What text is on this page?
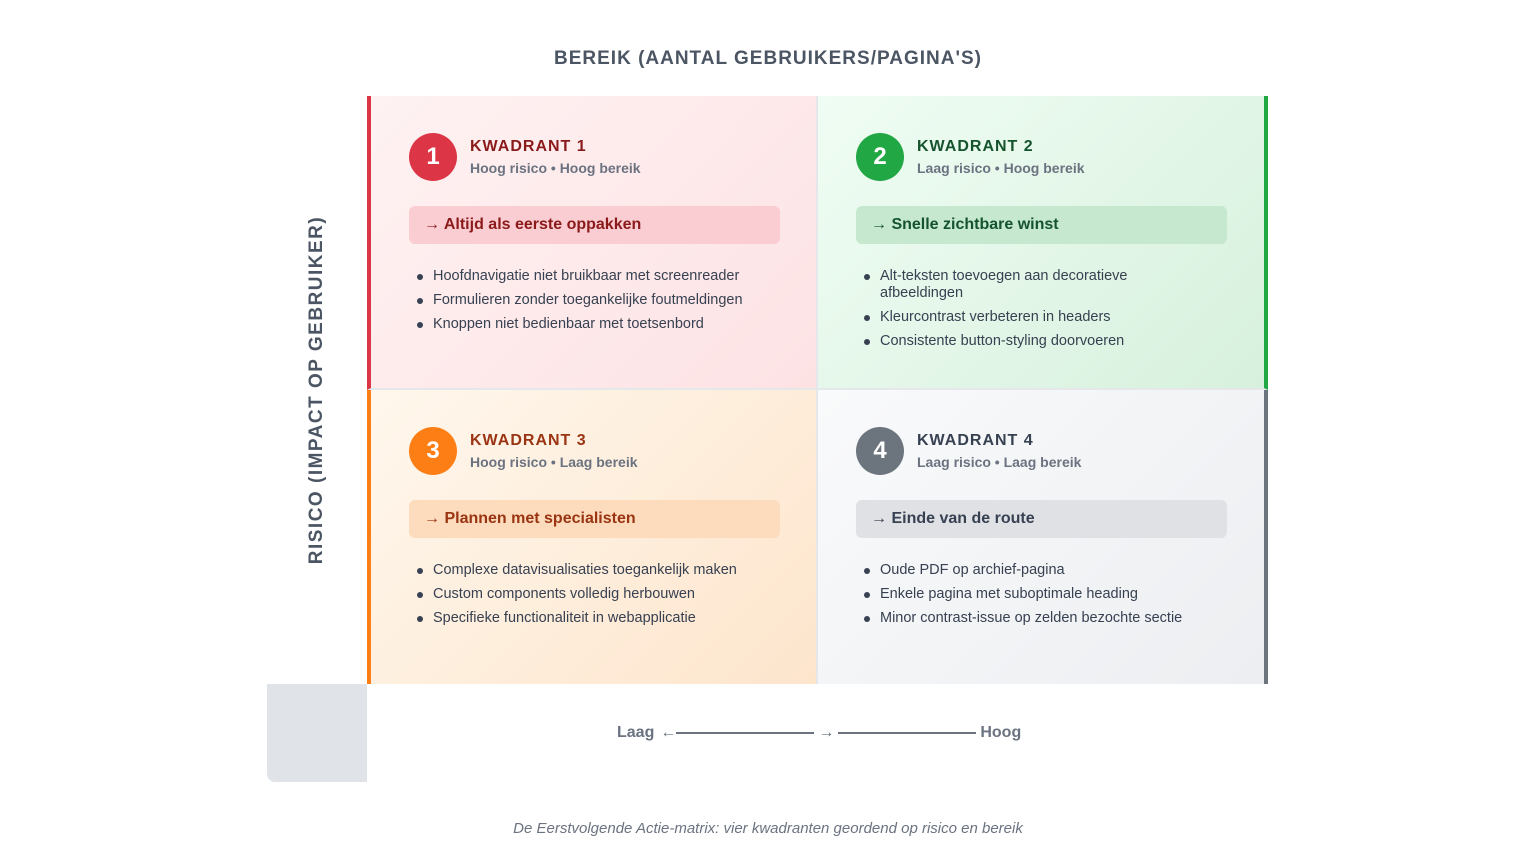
BEREIK (AANTAL GEBRUIKERS/PAGINA'S)
RISICO (IMPACT OP GEBRUIKER)
1	KWADRANT 1
Hoog risico • Hoog bereik
→ Altijd als eerste oppakken
Hoofdnavigatie niet bruikbaar met screenreader
Formulieren zonder toegankelijke foutmeldingen
Knoppen niet bedienbaar met toetsenbord
2	KWADRANT 2
Laag risico • Hoog bereik
→ Snelle zichtbare winst
Alt-teksten toevoegen aan decoratieve afbeeldingen
Kleurcontrast verbeteren in headers
Consistente button-styling doorvoeren
3	KWADRANT 3
Hoog risico • Laag bereik
→ Plannen met specialisten
Complexe datavisualisaties toegankelijk maken
Custom components volledig herbouwen
Specifieke functionaliteit in webapplicatie
4	KWADRANT 4
Laag risico • Laag bereik
→ Einde van de route
Oude PDF op archief-pagina
Enkele pagina met suboptimale heading
Minor contrast-issue op zelden bezochte sectie
Laag ←	→	Hoog
De Eerstvolgende Actie-matrix: vier kwadranten geordend op risico en bereik
